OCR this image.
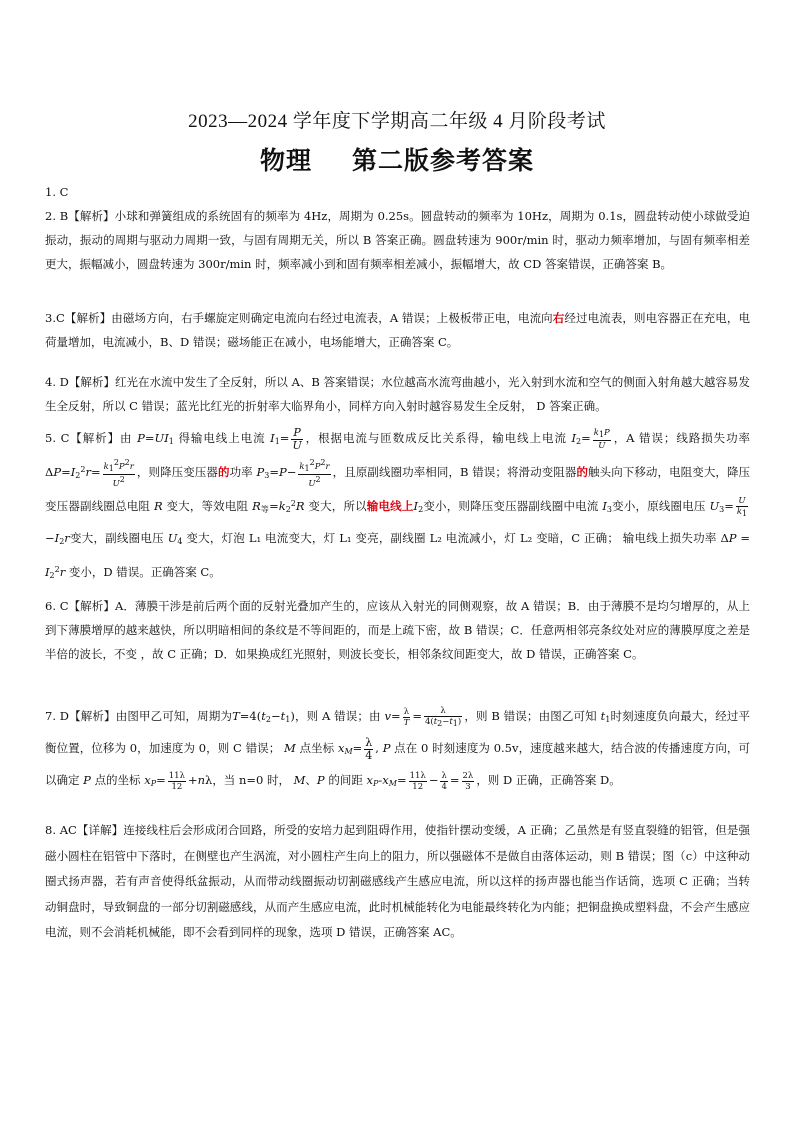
2023—2024 学年度下学期高二年级 4 月阶段考试
物理 第二版参考答案
1. C
2. B【解析】小球和弹簧组成的系统固有的频率为 4Hz，周期为 0.25s。圆盘转动的频率为 10Hz，周期为 0.1s，圆盘转动使小球做受迫振动，振动的周期与驱动力周期一致，与固有周期无关，所以 B 答案正确。圆盘转速为 900r/min 时，驱动力频率增加，与固有频率相差更大，振幅减小，圆盘转速为 300r/min 时，频率减小到和固有频率相差减小，振幅增大，故 CD 答案错误，正确答案 B。
3.C【解析】由磁场方向，右手螺旋定则确定电流向右经过电流表，A 错误；上极板带正电，电流向右经过电流表，则电容器正在充电，电荷量增加，电流减小，B、D 错误；磁场能正在减小，电场能增大，正确答案 C。
4. D【解析】红光在水流中发生了全反射，所以 A、B 答案错误；水位越高水流弯曲越小，光入射到水流和空气的侧面入射角越大越容易发生全反射，所以 C 错误；蓝光比红光的折射率大临界角小，同样方向入射时越容易发生全反射， D 答案正确。
5. C【解析】由 $P=UI_1$ 得输电线上电流 $I_1= \frac{P}{U}$ ，根据电流与匝数成反比关系得，输电线上电流 $I_2= \frac{k_1P}{U}$ ，A 错误；线路损失功率 $\Delta P=I_2^2r= \frac{k_1^2P^2r}{U^2}$ ，则降压变压器的功率 $P_3=P- \frac{k_1^2P^2r}{U^2}$ ，且原副线圈功率相同，B 错误；将滑动变阻器的触头向下移动，电阻变大，降压变压器副线圈总电阻 R 变大，等效电阻 $R_等=k_2^2R$ 变大，所以输电线上$I_2$变小，则降压变压器副线圈中电流 $I_3$变小，原线圈电压 $U_3= \frac{U}{k_1}$
$-I_2r$变大，副线圈电压 $U_4$ 变大，灯泡 L₁ 电流变大，灯 L₁ 变亮，副线圈 L₂ 电流减小，灯 L₂ 变暗，C 正确； 输电线上损失功率 $\Delta P = I_2^2r$ 变小，D 错误。正确答案 C。
6. C【解析】A．薄膜干涉是前后两个面的反射光叠加产生的，应该从入射光的同侧观察，故 A 错误；B．由于薄膜不是均匀增厚的，从上到下薄膜增厚的越来越快，所以明暗相间的条纹是不等间距的，而是上疏下密，故 B 错误；C．任意两相邻亮条纹处对应的薄膜厚度之差是半倍的波长，不变 ，故 C 正确；D．如果换成红光照射，则波长变长，相邻条纹间距变大，故 D 错误，正确答案 C。
7. D【解析】由图甲乙可知，周期为$T=4(t_2-t_1)$，则 A 错误；由 $v= \frac{\lambda}{T} = \frac{\lambda}{4(t_2-t_1)}$ ，则 B 错误；由图乙可知 $t_1$时刻速度负向最大，经过平衡位置，位移为 0，加速度为 0，则 C 错误； M 点坐标 $x_M= \frac{\lambda}{4}$ , P 点在 0 时刻速度为 0.5v，速度越来越大，结合波的传播速度方向，可以确定 P 点的坐标 $x_P= \frac{11\lambda}{12} +n\lambda$，当 n=0 时， M、P 的间距 $x_P-x_M= \frac{11\lambda}{12} - \frac{\lambda}{4} = \frac{2\lambda}{3}$ ，则 D 正确，正确答案 D。
8. AC【详解】连接线柱后会形成闭合回路，所受的安培力起到阻碍作用，使指针摆动变缓，A 正确；乙虽然是有竖直裂缝的铝管，但是强磁小圆柱在铝管中下落时，在侧壁也产生涡流，对小圆柱产生向上的阻力，所以强磁体不是做自由落体运动，则 B 错误；图（c）中这种动圈式扬声器，若有声音使得纸盆振动，从而带动线圈振动切割磁感线产生感应电流，所以这样的扬声器也能当作话筒，选项 C 正确；当转动铜盘时，导致铜盘的一部分切割磁感线，从而产生感应电流，此时机械能转化为电能最终转化为内能；把铜盘换成塑料盘，不会产生感应电流，则不会消耗机械能，即不会看到同样的现象，选项 D 错误，正确答案 AC。
